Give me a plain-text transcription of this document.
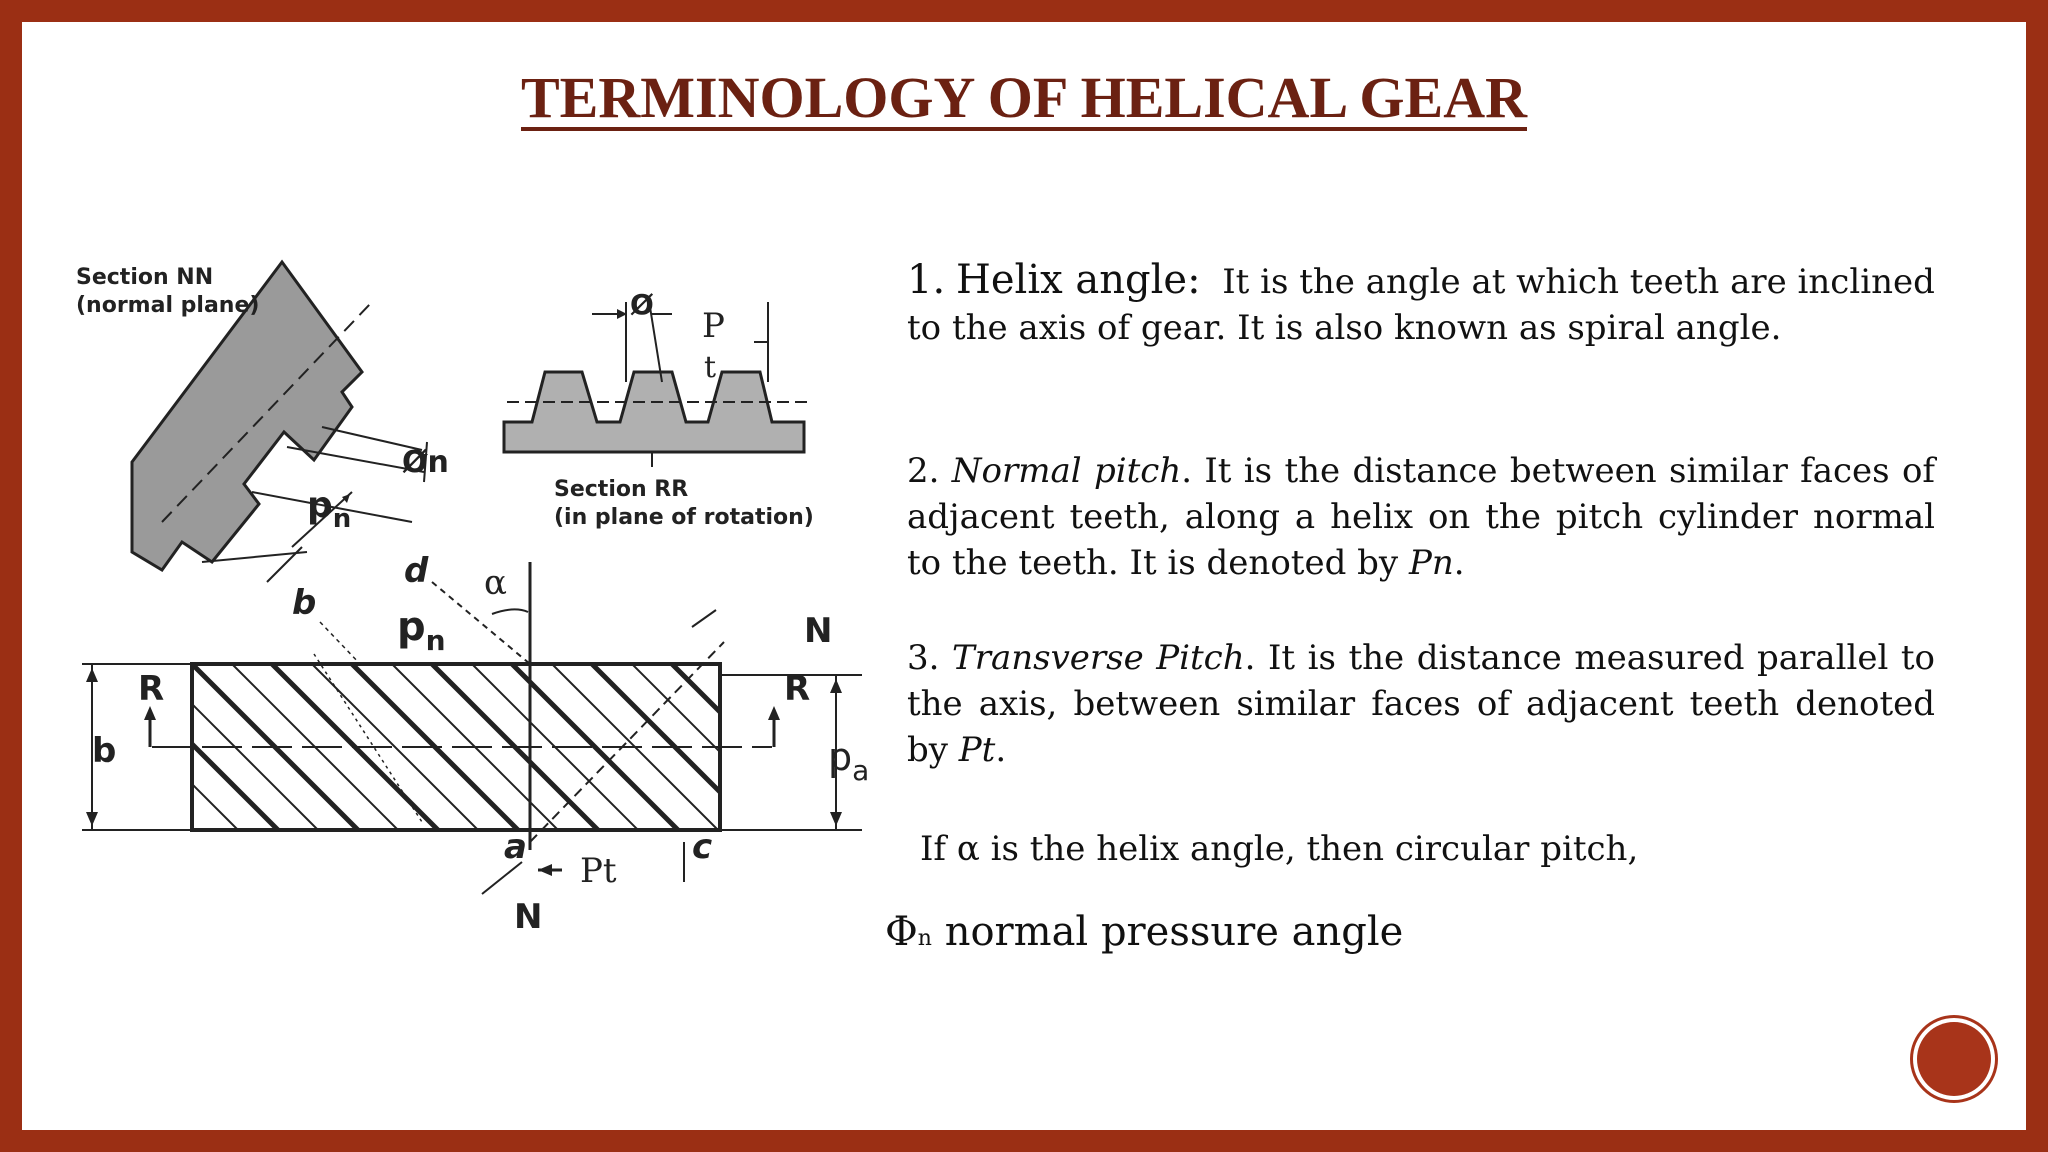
TERMINOLOGY OF HELICAL GEAR
Section NN
(normal plane)
Øn
$p_n$
Ø
P
t
Section RR
(in plane of rotation)
b
d α
$p_n$	N
R	R
b	$p_a$
a	c
Pt
N

1. Helix angle: It is the angle at which teeth are inclined to the axis of gear. It is also known as spiral angle.

2. Normal pitch. It is the distance between similar faces of adjacent teeth, along a helix on the pitch cylinder normal to the teeth. It is denoted by Pn.

3. Transverse Pitch. It is the distance measured parallel to the axis, between similar faces of adjacent teeth denoted by Pt.

If α is the helix angle, then circular pitch,

Φn normal pressure angle
